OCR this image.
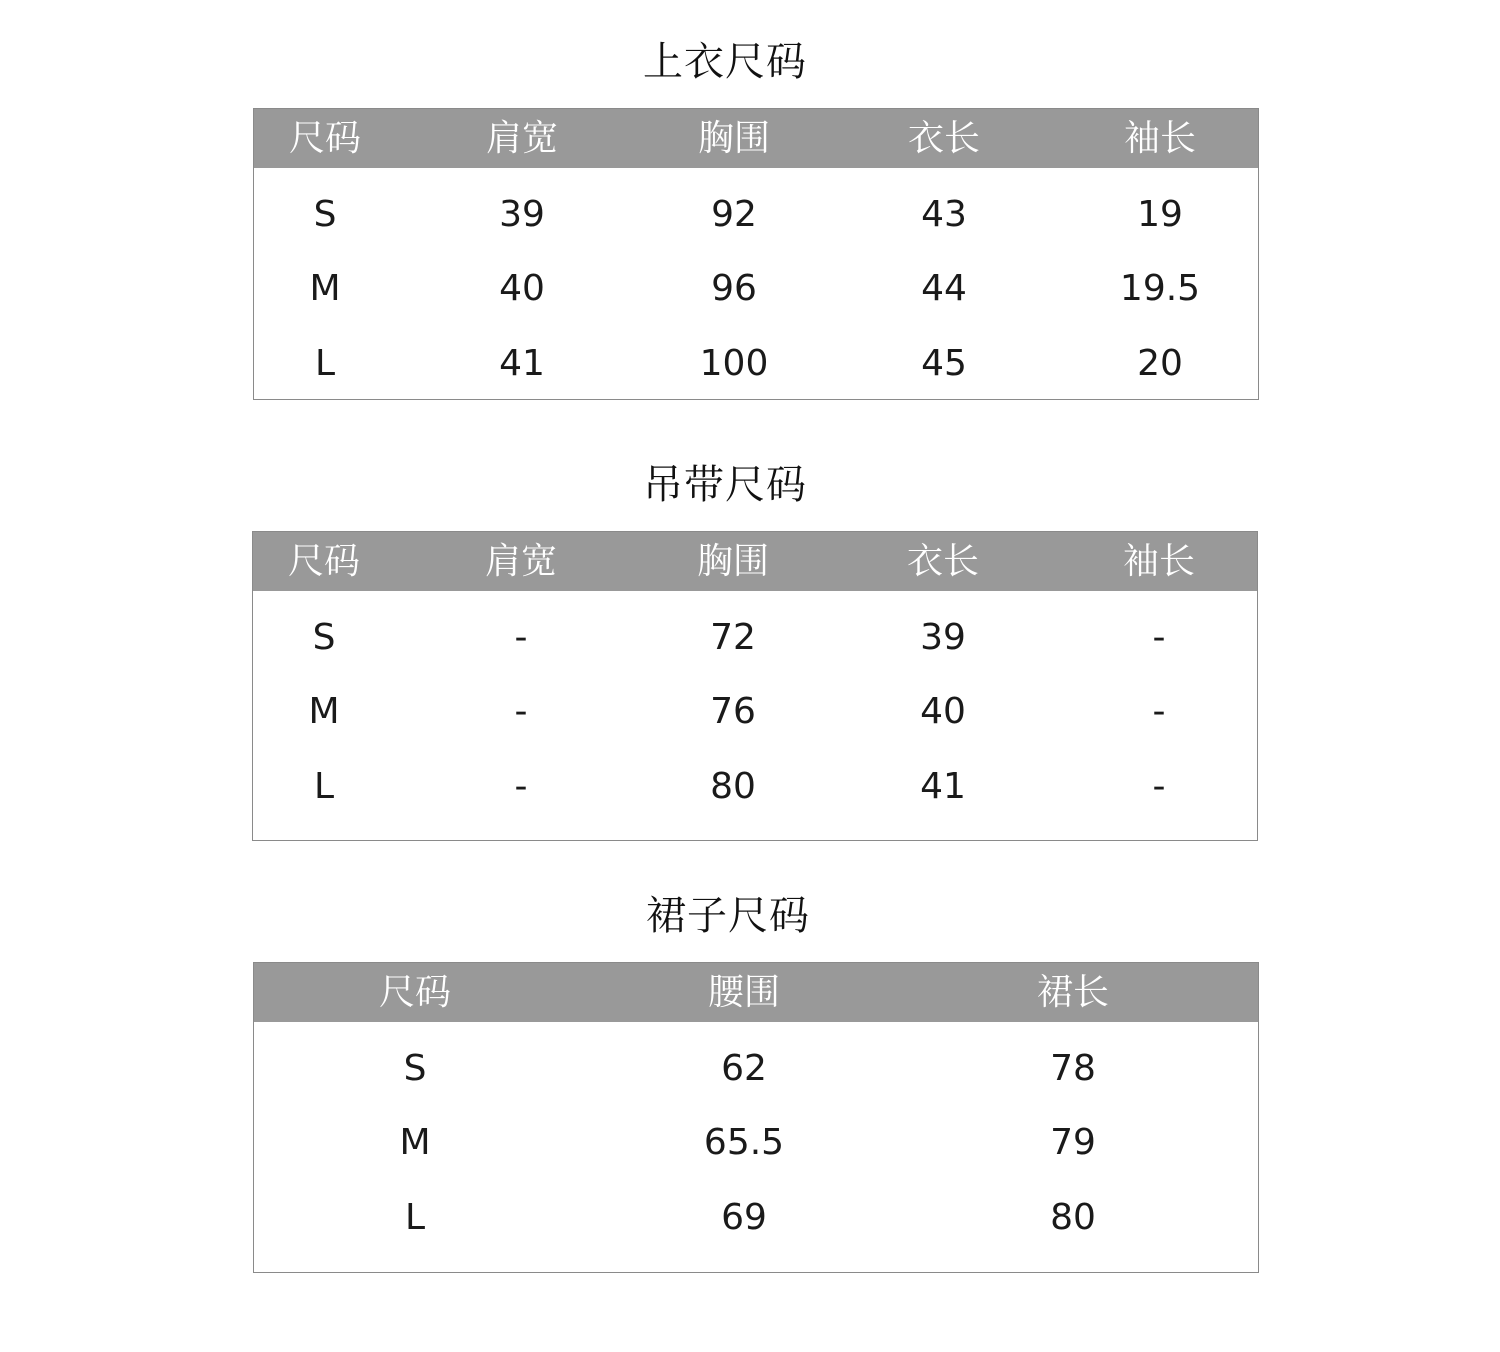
上衣尺码
尺码	肩宽	胸围	衣长	袖长
S	39	92	43	19
M	40	96	44	19.5
L	41	100	45	20
吊带尺码
尺码	肩宽	胸围	衣长	袖长
S	-	72	39	-
M	-	76	40	-
L	-	80	41	-
裙子尺码
尺码	腰围	裙长
S	62	78
M	65.5	79
L	69	80
